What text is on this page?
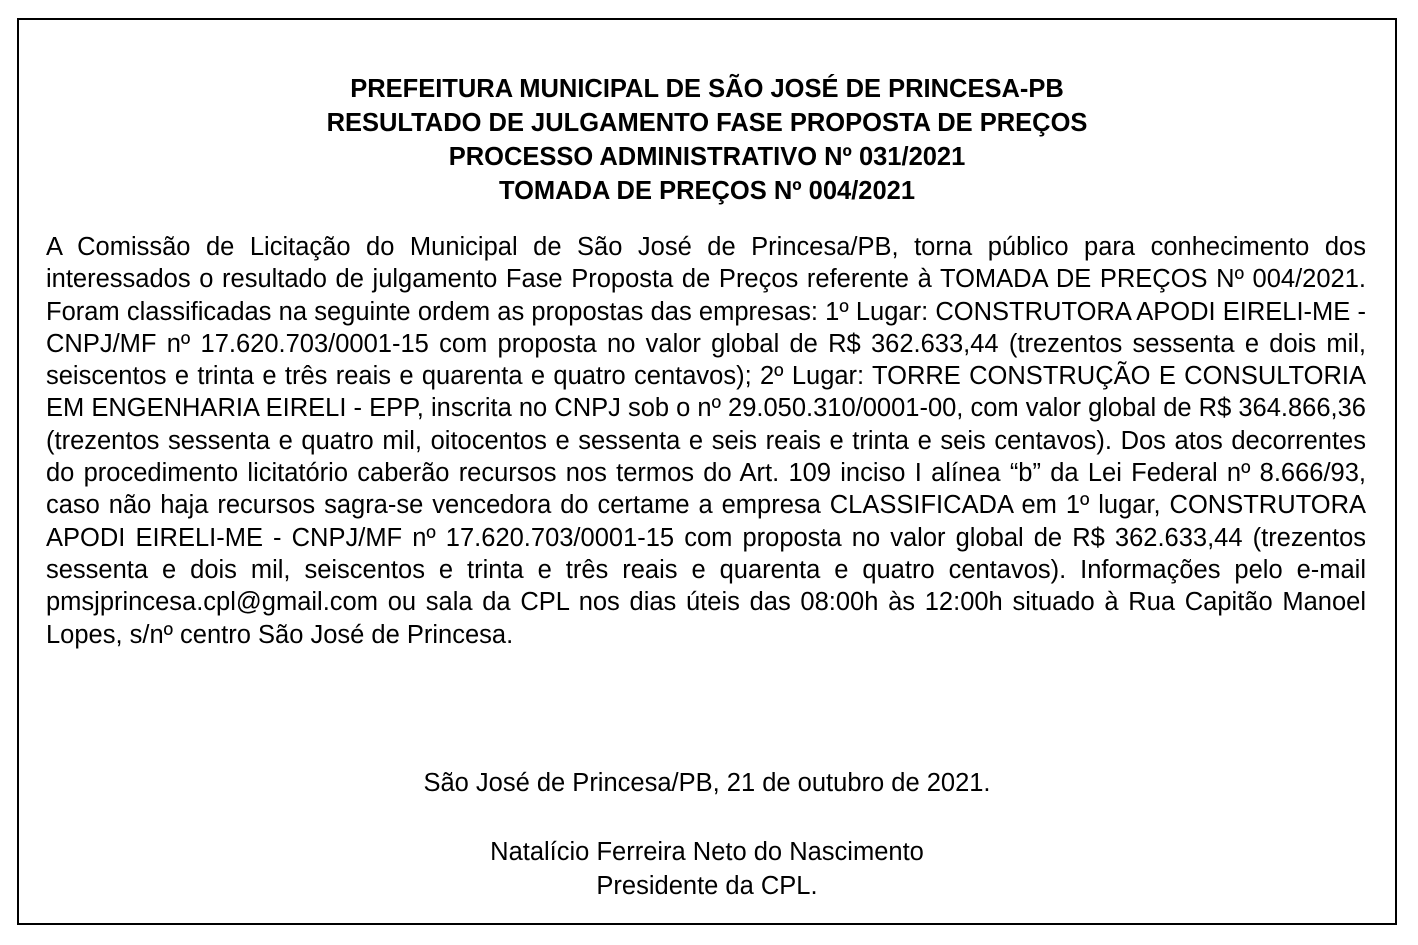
PREFEITURA MUNICIPAL DE SÃO JOSÉ DE PRINCESA-PB
RESULTADO DE JULGAMENTO FASE PROPOSTA DE PREÇOS
PROCESSO ADMINISTRATIVO Nº 031/2021
TOMADA DE PREÇOS Nº 004/2021

A Comissão de Licitação do Municipal de São José de Princesa/PB, torna público para conhecimento dos interessados o resultado de julgamento Fase Proposta de Preços referente à TOMADA DE PREÇOS Nº 004/2021. Foram classificadas na seguinte ordem as propostas das empresas: 1º Lugar: CONSTRUTORA APODI EIRELI-ME - CNPJ/MF nº 17.620.703/0001-15 com proposta no valor global de R$ 362.633,44 (trezentos sessenta e dois mil, seiscentos e trinta e três reais e quarenta e quatro centavos); 2º Lugar: TORRE CONSTRUÇÃO E CONSULTORIA EM ENGENHARIA EIRELI - EPP, inscrita no CNPJ sob o nº 29.050.310/0001-00, com valor global de R$ 364.866,36 (trezentos sessenta e quatro mil, oitocentos e sessenta e seis reais e trinta e seis centavos). Dos atos decorrentes do procedimento licitatório caberão recursos nos termos do Art. 109 inciso I alínea “b” da Lei Federal nº 8.666/93, caso não haja recursos sagra-se vencedora do certame a empresa CLASSIFICADA em 1º lugar, CONSTRUTORA APODI EIRELI-ME - CNPJ/MF nº 17.620.703/0001-15 com proposta no valor global de R$ 362.633,44 (trezentos sessenta e dois mil, seiscentos e trinta e três reais e quarenta e quatro centavos). Informações pelo e-mail pmsjprincesa.cpl@gmail.com ou sala da CPL nos dias úteis das 08:00h às 12:00h situado à Rua Capitão Manoel Lopes, s/nº centro São José de Princesa.

São José de Princesa/PB, 21 de outubro de 2021.
Natalício Ferreira Neto do Nascimento
Presidente da CPL.
